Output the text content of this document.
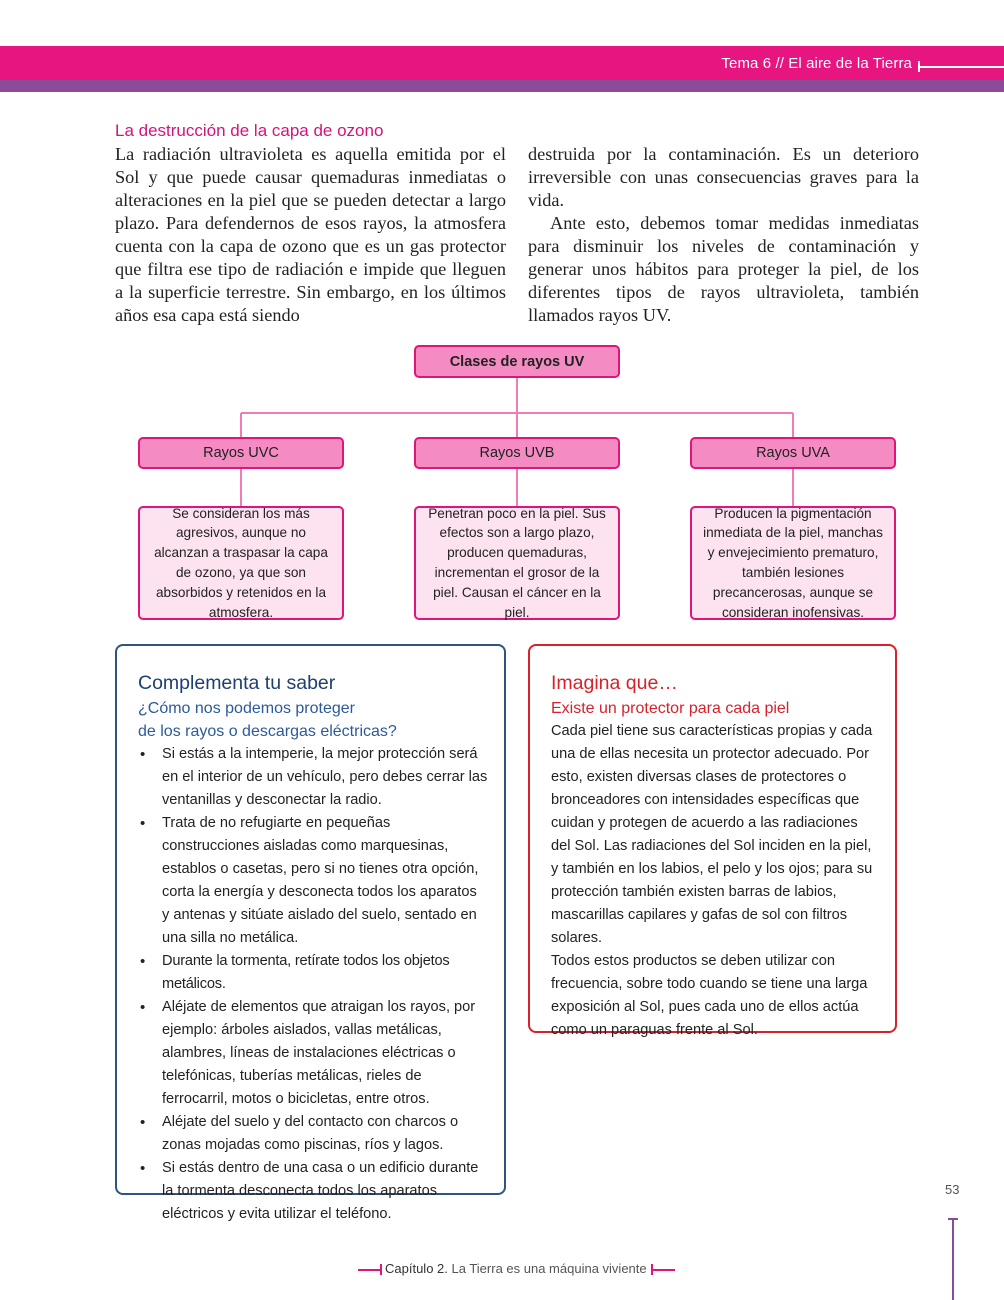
Tema 6 // El aire de la Tierra
La destrucción de la capa de ozono

La radiación ultravioleta es aquella emitida por el Sol y que puede causar quemaduras inmediatas o alteraciones en la piel que se pueden detectar a largo plazo. Para defendernos de esos rayos, la atmosfera cuenta con la capa de ozono que es un gas protector que filtra ese tipo de radiación e impide que lleguen a la superficie terrestre. Sin embargo, en los últimos años esa capa está siendo

destruida por la contaminación. Es un deterioro irreversible con unas consecuencias graves para la vida.

Ante esto, debemos tomar medidas inmediatas para disminuir los niveles de contaminación y generar unos hábitos para proteger la piel, de los diferentes tipos de rayos ultravioleta, también llamados rayos UV.

Clases de rayos UV
Rayos UVC	Rayos UVB	Rayos UVA
Se consideran los más agresivos, aunque no alcanzan a traspasar la capa de ozono, ya que son absorbidos y retenidos en la atmosfera.
Penetran poco en la piel. Sus efectos son a largo plazo, producen quemaduras, incrementan el grosor de la piel. Causan el cáncer en la piel.
Producen la pigmentación inmediata de la piel, manchas y envejecimiento prematuro, también lesiones precancerosas, aunque se consideran inofensivas.
Complementa tu saber
¿Cómo nos podemos proteger
de los rayos o descargas eléctricas?
• Si estás a la intemperie, la mejor protección será en el interior de un vehículo, pero debes cerrar las ventanillas y desconectar la radio.
• Trata de no refugiarte en pequeñas construcciones aisladas como marquesinas, establos o casetas, pero si no tienes otra opción, corta la energía y desconecta todos los aparatos y antenas y sitúate aislado del suelo, sentado en una silla no metálica.
• Durante la tormenta, retírate todos los objetos metálicos.
• Aléjate de elementos que atraigan los rayos, por ejemplo: árboles aislados, vallas metálicas, alambres, líneas de instalaciones eléctricas o telefónicas, tuberías metálicas, rieles de ferrocarril, motos o bicicletas, entre otros.
• Aléjate del suelo y del contacto con charcos o zonas mojadas como piscinas, ríos y lagos.
• Si estás dentro de una casa o un edificio durante la tormenta desconecta todos los aparatos eléctricos y evita utilizar el teléfono.
Imagina que…
Existe un protector para cada piel

Cada piel tiene sus características propias y cada una de ellas necesita un protector adecuado. Por esto, existen diversas clases de protectores o bronceadores con intensidades específicas que cuidan y protegen de acuerdo a las radiaciones del Sol. Las radiaciones del Sol inciden en la piel, y también en los labios, el pelo y los ojos; para su protección también existen barras de labios, mascarillas capilares y gafas de sol con filtros solares.

Todos estos productos se deben utilizar con frecuencia, sobre todo cuando se tiene una larga exposición al Sol, pues cada uno de ellos actúa como un paraguas frente al Sol.

53
Capítulo 2. La Tierra es una máquina viviente
